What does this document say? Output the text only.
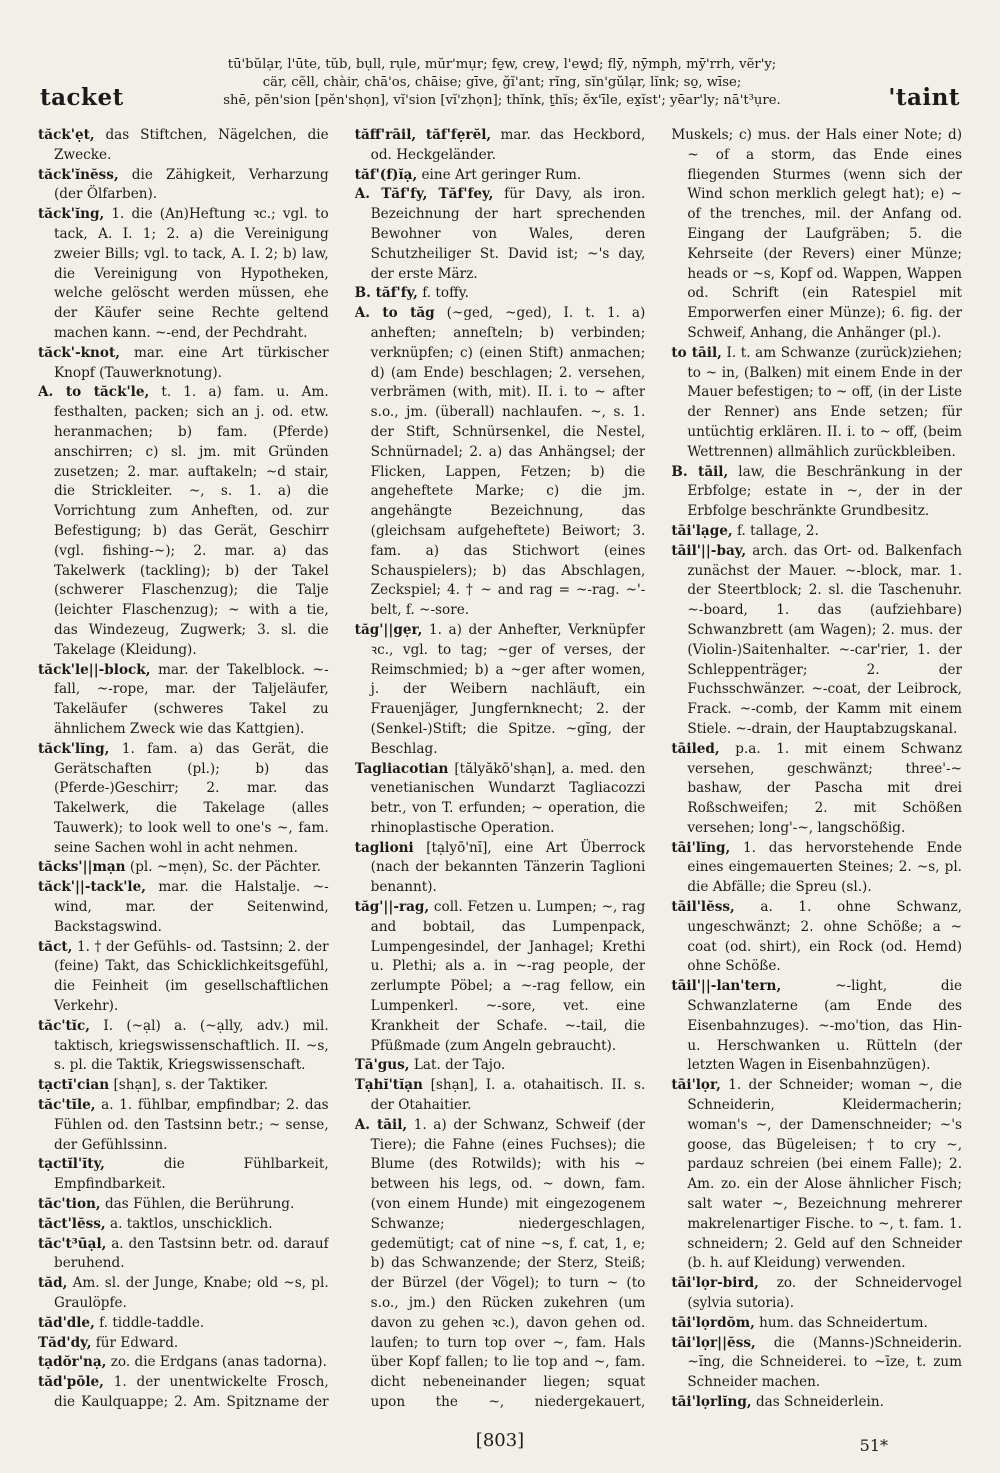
tacket
tū'bŭlạr, l'ūte, tŭb, bụll, rụle, mŭr'mụr; fe̱w, crew̱, l'ew̱d; flȳ, nȳmph, mȳ'rrh, vẽr'y;
cär, cẽll, chàir, chā'os, chāise; gīve, ğĭ'ant; rĭng, sĭn'gŭlạr, lĭnk; so̱, wīse;
shē, pẽn'sion [pĕn'shọn], vĭ'sion [vĭ'zhọn]; thĭnk, ṯhĭs; ĕx'īle, ex̱ĭst'; yēar'ly; nā't³ụre.	'taint

tăck'ẹt, das Stiftchen, Nägelchen, die Zwecke.

tăck'ĭnĕss, die Zähigkeit, Verharzung (der Ölfarben).

tăck'ĭng, 1. die (An)Heftung ꝛc.; vgl. to tack, A. I. 1; 2. a) die Vereinigung zweier Bills; vgl. to tack, A. I. 2; b) law, die Vereinigung von Hypotheken, welche gelöscht werden müssen, ehe der Käufer seine Rechte geltend machen kann. ~-end, der Pechdraht.

tăck'-knot, mar. eine Art türkischer Knopf (Tauwerknotung).

A. to tăck'le, t. 1. a) fam. u. Am. festhalten, packen; sich an j. od. etw. heranmachen; b) fam. (Pferde) anschirren; c) sl. jm. mit Gründen zusetzen; 2. mar. auftakeln; ~d stair, die Strickleiter. ~, s. 1. a) die Vorrichtung zum Anheften, od. zur Befestigung; b) das Gerät, Geschirr (vgl. fishing-~); 2. mar. a) das Takelwerk (tackling); b) der Takel (schwerer Flaschenzug); die Talje (leichter Flaschenzug); ~ with a tie, das Windezeug, Zugwerk; 3. sl. die Takelage (Kleidung).

tăck'le||-block, mar. der Takelblock. ~-fall, ~-rope, mar. der Taljeläufer, Takeläufer (schweres Takel zu ähnlichem Zweck wie das Kattgien).

tăck'lĭng, 1. fam. a) das Gerät, die Gerätschaften (pl.); b) das (Pferde-)Geschirr; 2. mar. das Takelwerk, die Takelage (alles Tauwerk); to look well to one's ~, fam. seine Sachen wohl in acht nehmen.

tăcks'||mạn (pl. ~mẹn), Sc. der Pächter.

tăck'||-tack'le, mar. die Halstalje. ~-wind, mar. der Seitenwind, Backstagswind.

tăct, 1. † der Gefühls- od. Tastsinn; 2. der (feine) Takt, das Schicklichkeitsgefühl, die Feinheit (im gesellschaftlichen Verkehr).

tăc'tĭc, I. (~ạl) a. (~ạlly, adv.) mil. taktisch, kriegswissenschaftlich. II. ~s, s. pl. die Taktik, Kriegswissenschaft.

tạctĭ'cian [shạn], s. der Taktiker.

tăc'tĭle, a. 1. fühlbar, empfindbar; 2. das Fühlen od. den Tastsinn betr.; ~ sense, der Gefühlssinn.

tạctĭl'ĭty,	die Fühlbarkeit, Empfindbarkeit.

tăc'tion, das Fühlen, die Berührung.

tăct'lĕss, a. taktlos, unschicklich.

tăc't³ūạl, a. den Tastsinn betr. od. darauf beruhend.

tăd, Am. sl. der Junge, Knabe; old ~s, pl. Graulöpfe.

tăd'dle, f. tiddle-taddle.

Tăd'dy, für Edward.

tạdŏr'nạ, zo. die Erdgans (anas tadorna).

tăd'pōle, 1. der unentwickelte Frosch, die Kaulquappe; 2. Am. Spitzname der

tăff'rāil, tăf'fẹrĕl, mar. das Heckbord, od. Heckgeländer.

tăf'(f)ĭạ, eine Art geringer Rum.

A. Tăf'fy, Tăf'fey, für Davy, als iron. Bezeichnung der hart sprechenden Bewohner von Wales, deren Schutzheiliger St. David ist; ~'s day, der erste März.

B. tăf'fy, f. toffy.

A. to tăg (~ged, ~ged), I. t. 1. a) anheften; anneſteln; b) verbinden; verknüpfen; c) (einen Stift) anmachen; d) (am Ende) beschlagen; 2. versehen, verbrämen (with, mit). II. i. to ~ after s.o., jm. (überall) nachlaufen. ~, s. 1. der Stift, Schnürsenkel, die Nestel, Schnürnadel; 2. a) das Anhängsel; der Flicken, Lappen, Fetzen; b) die angeheftete Marke; c) die jm. angehängte Bezeichnung, das (gleichsam aufgeheftete) Beiwort; 3. fam. a) das Stichwort (eines Schauspielers); b) das Abschlagen, Zeckspiel; 4. † ~ and rag = ~-rag. ~'-belt, f. ~-sore.

tăg'||gẹr, 1. a) der Anhefter, Verknüpfer ꝛc., vgl. to tag; ~ger of verses, der Reimschmied; b) a ~ger after women, j. der Weibern nachläuft, ein Frauenjäger, Jungfernknecht; 2. der (Senkel-)Stift; die Spitze. ~gĭng, der Beschlag.

Tagliacotian [tălyăkō'shạn], a. med. den venetianischen Wundarzt Tagliacozzi betr., von T. erfunden; ~ operation, die rhinoplastische Operation.

taglioni [tạlyō'nĭ], eine Art Überrock (nach der bekannten Tänzerin Taglioni benannt).

tăg'||-rag, coll. Fetzen u. Lumpen; ~, rag and bobtail, das Lumpenpack, Lumpengesindel, der Janhagel; Krethi u. Plethi; als a. in ~-rag people, der zerlumpte Pöbel; a ~-rag fellow, ein Lumpenkerl. ~-sore, vet. eine Krankheit der Schafe. ~-tail, die Pfüßmade (zum Angeln gebraucht).

Tā'gus, Lat. der Tajo.

Tạhĭ'tĭạn [shạn], I. a. otahaitisch. II. s. der Otahaitier.

A. tāil, 1. a) der Schwanz, Schweif (der Tiere); die Fahne (eines Fuchses); die Blume (des Rotwilds); with his ~ between his legs, od. ~ down, fam. (von einem Hunde) mit eingezogenem Schwanze; niedergeschlagen, gedemütigt; cat of nine ~s, f. cat, 1, e; b) das Schwanzende; der Sterz, Steiß; der Bürzel (der Vögel); to turn ~ (to s.o., jm.) den Rücken zukehren (um davon zu gehen ꝛc.), davon gehen od. laufen; to turn top over ~, fam. Hals über Kopf fallen; to lie top and ~, fam. dicht nebeneinander liegen; squat upon the ~, niedergekauert,

Muskels; c) mus. der Hals einer Note; d) ~ of a storm, das Ende eines fliegenden Sturmes (wenn sich der Wind schon merklich gelegt hat); e) ~ of the trenches, mil. der Anfang od. Eingang der Laufgräben; 5. die Kehrseite (der Revers) einer Münze; heads or ~s, Kopf od. Wappen, Wappen od. Schrift (ein Ratespiel mit Emporwerfen einer Münze); 6. fig. der Schweif, Anhang, die Anhänger (pl.).

to tāil, I. t. am Schwanze (zurück)ziehen; to ~ in, (Balken) mit einem Ende in der Mauer befestigen; to ~ off, (in der Liste der Renner) ans Ende setzen; für untüchtig erklären. II. i. to ~ off, (beim Wettrennen) allmählich zurückbleiben.

B. tāil, law, die Beschränkung in der Erbfolge; estate in ~, der in der Erbfolge beschränkte Grundbesitz.

tāi'lạge, f. tallage, 2.

tāil'||-bay, arch. das Ort- od. Balkenfach zunächst der Mauer. ~-block, mar. 1. der Steertblock; 2. sl. die Taschenuhr. ~-board, 1. das (aufziehbare) Schwanzbrett (am Wagen); 2. mus. der (Violin-)Saitenhalter. ~-car'rier, 1. der Schleppenträger; 2. der Fuchsschwänzer. ~-coat, der Leibrock, Frack. ~-comb, der Kamm mit einem Stiele. ~-drain, der Hauptabzugskanal.

tāiled, p.a. 1. mit einem Schwanz versehen, geschwänzt; three'-~ bashaw, der Pascha mit drei Roßschweifen; 2. mit Schößen versehen; long'-~, langschößig.

tāi'lĭng, 1. das hervorstehende Ende eines eingemauerten Steines; 2. ~s, pl. die Abfälle; die Spreu (sl.).

tāil'lĕss, a. 1. ohne Schwanz, ungeschwänzt; 2. ohne Schöße; a ~ coat (od. shirt), ein Rock (od. Hemd) ohne Schöße.

tāil'||-lan'tern,	~-light, die Schwanzlaterne (am Ende des Eisenbahnzuges). ~-mo'tion, das Hin- u. Herschwanken u. Rütteln (der letzten Wagen in Eisenbahnzügen).

tāi'lọr, 1. der Schneider; woman ~, die Schneiderin, Kleidermacherin; woman's ~, der Damenschneider; ~'s goose, das Bügeleisen; † to cry ~, pardauz schreien (bei einem Falle); 2. Am. zo. ein der Alose ähnlicher Fisch; salt water ~, Bezeichnung mehrerer makrelenartiger Fische. to ~, t. fam. 1. schneidern; 2. Geld auf den Schneider (b. h. auf Kleidung) verwenden.

tāi'lọr-bird, zo. der Schneidervogel (sylvia sutoria).

tāi'lọrdŏm, hum. das Schneidertum.

tāi'lọr||ĕss, die (Manns-)Schneiderin. ~ĭng, die Schneiderei. to ~īze, t. zum Schneider machen.

tāi'lọrlĭng, das Schneiderlein.

[803]	51*
